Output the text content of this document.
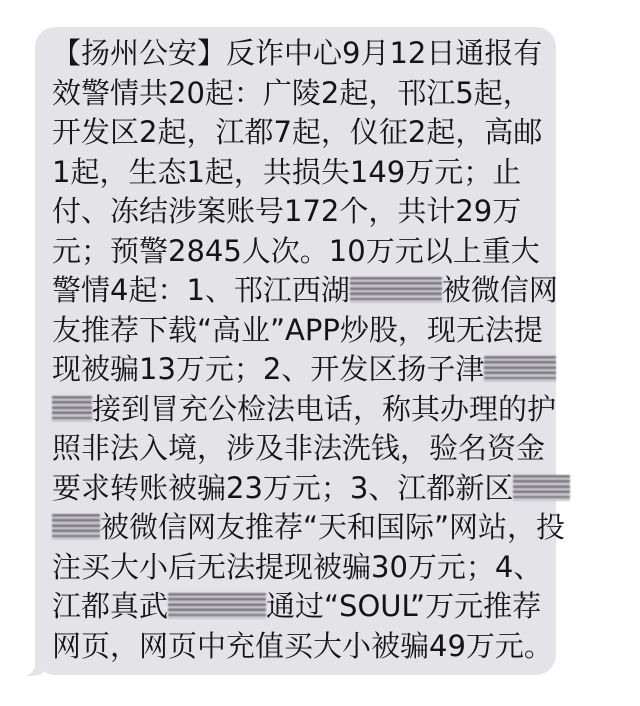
【扬州公安】反诈中心9月12日通报有
效警情共20起：广陵2起，邗江5起，
开发区2起，江都7起，仪征2起，高邮
1起，生态1起，共损失149万元；止
付、冻结涉案账号172个，共计29万
元；预警2845人次。10万元以上重大
警情4起：1、邗江西湖	被微信网
友推荐下载“高业”APP炒股，现无法提
现被骗13万元；2、开发区扬子津
接到冒充公检法电话，称其办理的护
照非法入境，涉及非法洗钱，验名资金
要求转账被骗23万元；3、江都新区
被微信网友推荐“天和国际”网站，投
注买大小后无法提现被骗30万元；4、
江都真武	通过“SOUL”万元推荐
网页，网页中充值买大小被骗49万元。
